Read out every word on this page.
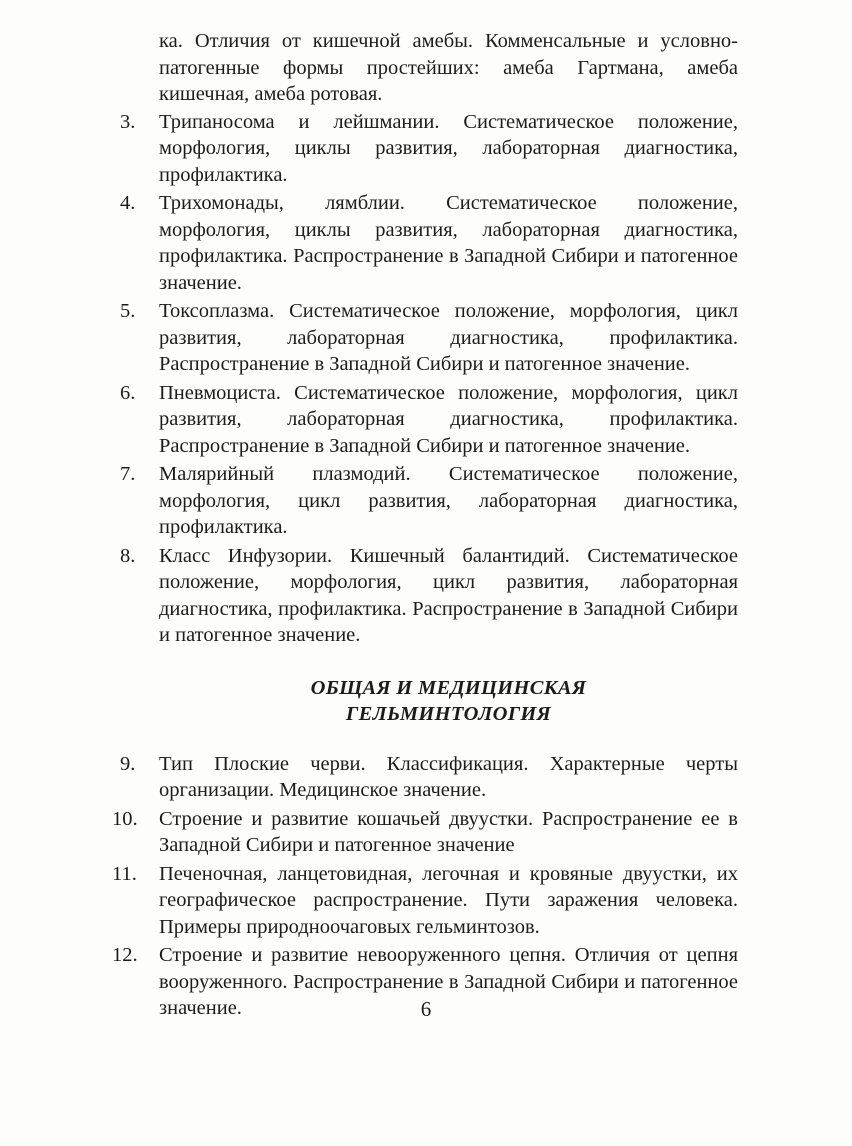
ка. Отличия от кишечной амебы. Комменсальные и условно-патогенные формы простейших: амеба Гартмана, амеба кишечная, амеба ротовая.

3.	Трипаносома и лейшмании. Систематическое положение, морфология, циклы развития, лабораторная диагностика, профилактика.
4.	Трихомонады, лямблии. Систематическое положение, морфология, циклы развития, лабораторная диагностика, профилактика. Распространение в Западной Сибири и патогенное значение.
5.	Токсоплазма. Систематическое положение, морфология, цикл развития, лабораторная диагностика, профилактика. Распространение в Западной Сибири и патогенное значение.
6.	Пневмоциста. Систематическое положение, морфология, цикл развития, лабораторная диагностика, профилактика. Распространение в Западной Сибири и патогенное значение.
7.	Малярийный плазмодий. Систематическое положение, морфология, цикл развития, лабораторная диагностика, профилактика.
8.	Класс Инфузории. Кишечный балантидий. Систематическое положение, морфология, цикл развития, лабораторная диагностика, профилактика. Распространение в Западной Сибири и патогенное значение.
ОБЩАЯ И МЕДИЦИНСКАЯ
ГЕЛЬМИНТОЛОГИЯ
9.	Тип Плоские черви. Классификация. Характерные черты организации. Медицинское значение.
10.	Строение и развитие кошачьей двуустки. Распространение ее в Западной Сибири и патогенное значение
11.	Печеночная, ланцетовидная, легочная и кровяные двуустки, их географическое распространение. Пути заражения человека. Примеры природноочаговых гельминтозов.
12.	Строение и развитие невооруженного цепня. Отличия от цепня вооруженного. Распространение в Западной Сибири и патогенное значение.	6
